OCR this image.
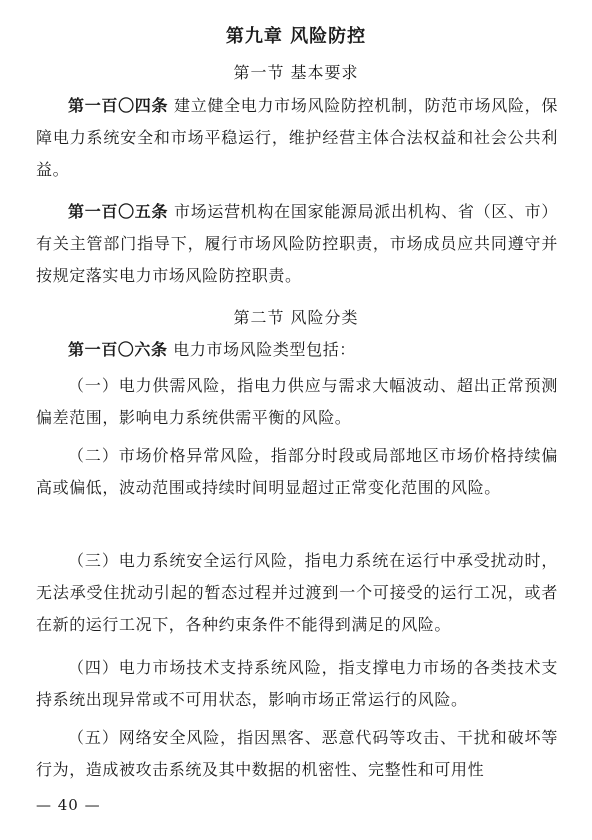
第九章 风险防控
第一节 基本要求

第一百〇四条 建立健全电力市场风险防控机制，防范市场风险，保障电力系统安全和市场平稳运行，维护经营主体合法权益和社会公共利益。

第一百〇五条 市场运营机构在国家能源局派出机构、省（区、市）有关主管部门指导下，履行市场风险防控职责，市场成员应共同遵守并按规定落实电力市场风险防控职责。

第二节 风险分类

第一百〇六条 电力市场风险类型包括：

（一）电力供需风险，指电力供应与需求大幅波动、超出正常预测偏差范围，影响电力系统供需平衡的风险。

（二）市场价格异常风险，指部分时段或局部地区市场价格持续偏高或偏低，波动范围或持续时间明显超过正常变化范围的风险。

（三）电力系统安全运行风险，指电力系统在运行中承受扰动时，无法承受住扰动引起的暂态过程并过渡到一个可接受的运行工况，或者在新的运行工况下，各种约束条件不能得到满足的风险。

（四）电力市场技术支持系统风险，指支撑电力市场的各类技术支持系统出现异常或不可用状态，影响市场正常运行的风险。

（五）网络安全风险，指因黑客、恶意代码等攻击、干扰和破坏等行为，造成被攻击系统及其中数据的机密性、完整性和可用性

— 40 —
